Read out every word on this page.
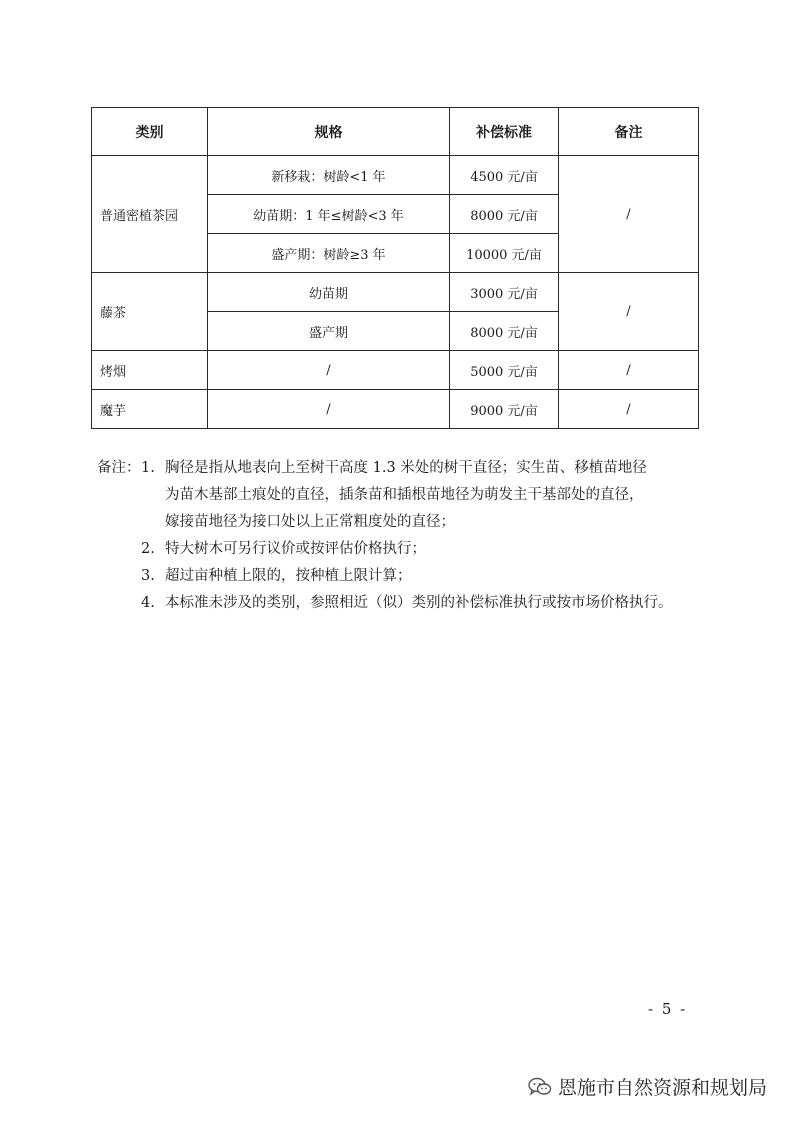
类别	规格	补偿标准	备注
普通密植茶园	新移栽：树龄<1 年	4500 元/亩	/
	幼苗期：1 年≤树龄<3 年	8000 元/亩	
	盛产期：树龄≥3 年	10000 元/亩	
藤茶	幼苗期	3000 元/亩	/
	盛产期	8000 元/亩	
烤烟	/	5000 元/亩	/
魔芋	/	9000 元/亩	/
备注： 1. 胸径是指从地表向上至树干高度 1.3 米处的树干直径；实生苗、移植苗地径
为苗木基部土痕处的直径，插条苗和插根苗地径为萌发主干基部处的直径，
嫁接苗地径为接口处以上正常粗度处的直径；
2. 特大树木可另行议价或按评估价格执行；
3. 超过亩种植上限的，按种植上限计算；
4. 本标准未涉及的类别，参照相近（似）类别的补偿标准执行或按市场价格执行。
- 5 -
恩施市自然资源和规划局
